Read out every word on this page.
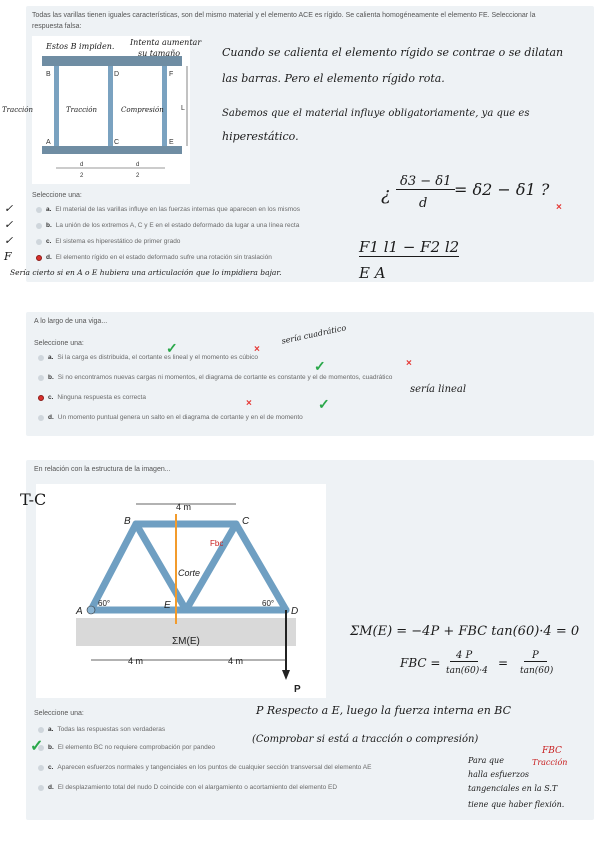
Todas las varillas tienen iguales características, son del mismo material y el elemento ACE es rígido. Se calienta homogéneamente el elemento FE. Seleccionar la respuesta falsa:
B	D	F
A	C	E
L
d
2
d
2
Estos B impiden. Intenta aumentar
su tamaño
Tracción	Tracción	Compresión
Cuando se calienta el elemento rígido se contrae o se dilatan
las barras. Pero el elemento rígido rota.
Sabemos que el material influye obligatoriamente, ya que es
hiperestático.
¿
δ3 − δ1
d
= δ2 − δ1 ?
F1 l1 − F2 l2
E A
×
Seleccione una:
a. El material de las varillas influye en las fuerzas internas que aparecen en los mismos
b. La unión de los extremos A, C y E en el estado deformado da lugar a una línea recta
c. El sistema es hiperestático de primer grado
d. El elemento rígido en el estado deformado sufre una rotación sin traslación
✓
✓
✓
F
Sería cierto si en A o E hubiera una articulación que lo impidiera bajar.
A lo largo de una viga...
Seleccione una:
a. Si la carga es distribuida, el cortante es lineal y el momento es cúbico
b. Si no encontramos nuevas cargas ni momentos, el diagrama de cortante es constante y el de momentos, cuadrático
c. Ninguna respuesta es correcta
d. Un momento puntual genera un salto en el diagrama de cortante y en el de momento
✓	×
sería cuadrático
✓	×
sería lineal
×	✓
En relación con la estructura de la imagen...
4 m
4 m	4 m
60°	60°
A
B	C
D
E
P
Corte
Fbc
ΣM(E)
T-C
ΣM(E) = −4P + FBC tan(60)·4 = 0
FBC =
4 P
tan(60)·4
=
P
tan(60)
P Respecto a E, luego la fuerza interna en BC
(Comprobar si está a tracción o compresión)
FBC
Tracción
Para que
halla esfuerzos
tangenciales en la S.T
tiene que haber flexión.
Seleccione una:
a. Todas las respuestas son verdaderas
b. El elemento BC no requiere comprobación por pandeo
c. Aparecen esfuerzos normales y tangenciales en los puntos de cualquier sección transversal del elemento AE
d. El desplazamiento total del nudo D coincide con el alargamiento o acortamiento del elemento ED
✓
